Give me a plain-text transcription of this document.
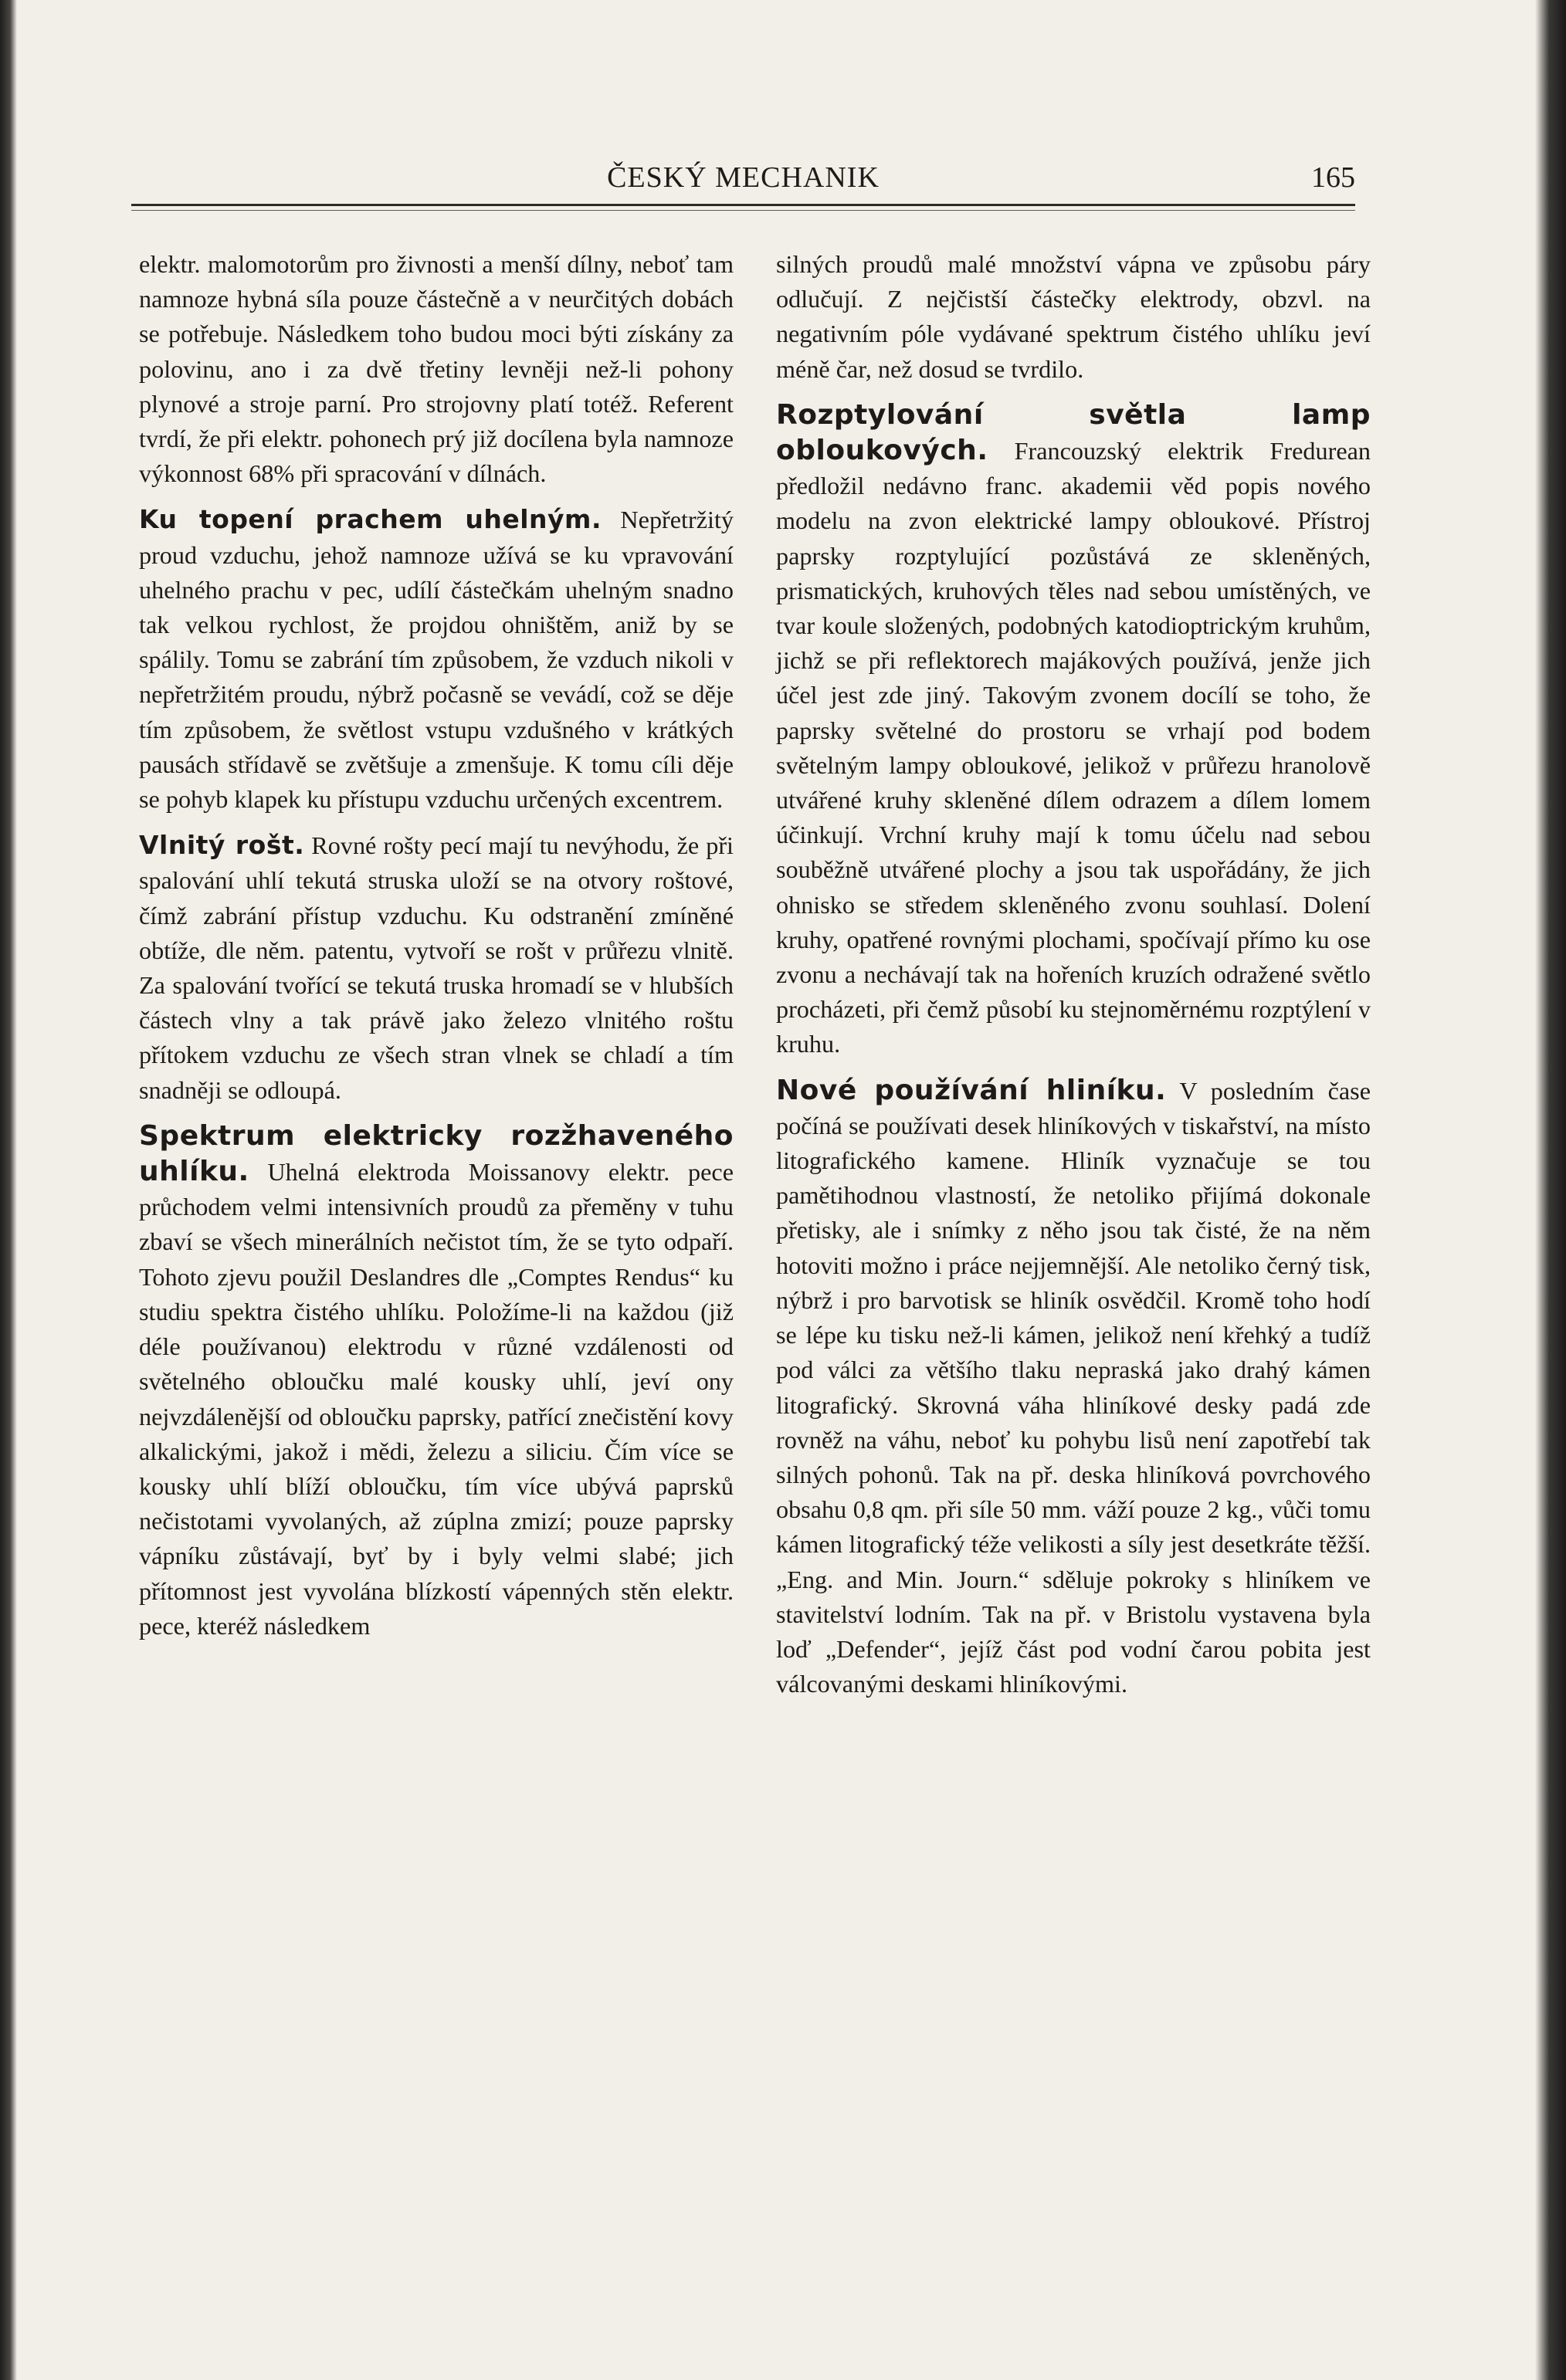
ČESKÝ MECHANIK	165

elektr. malomotorům pro živnosti a menší dílny, neboť tam namnoze hybná síla pouze částečně a v neurčitých dobách se potřebuje. Následkem toho budou moci býti získány za polovinu, ano i za dvě třetiny levněji než-li pohony plynové a stroje parní. Pro strojovny platí totéž. Referent tvrdí, že při elektr. pohonech prý již docílena byla namnoze výkonnost 68% při spracování v dílnách.

Ku topení prachem uhelným. Nepřetržitý proud vzduchu, jehož namnoze užívá se ku vpravování uhelného prachu v pec, udílí částečkám uhelným snadno tak velkou rychlost, že projdou ohništěm, aniž by se spálily. Tomu se zabrání tím způsobem, že vzduch nikoli v nepřetržitém proudu, nýbrž počasně se vevádí, což se děje tím způsobem, že světlost vstupu vzdušného v krátkých pausách střídavě se zvětšuje a zmenšuje. K tomu cíli děje se pohyb klapek ku přístupu vzduchu určených excentrem.

Vlnitý rošt. Rovné rošty pecí mají tu nevýhodu, že při spalování uhlí tekutá struska uloží se na otvory roštové, čímž zabrání přístup vzduchu. Ku odstranění zmíněné obtíže, dle něm. patentu, vytvoří se rošt v průřezu vlnitě. Za spalování tvořící se tekutá truska hromadí se v hlubších částech vlny a tak právě jako železo vlnitého roštu přítokem vzduchu ze všech stran vlnek se chladí a tím snadněji se odloupá.

Spektrum elektricky rozžhaveného uhlíku. Uhelná elektroda Moissanovy elektr. pece průchodem velmi intensivních proudů za přeměny v tuhu zbaví se všech minerálních nečistot tím, že se tyto odpaří. Tohoto zjevu použil Deslandres dle „Comptes Rendus“ ku studiu spektra čistého uhlíku. Položíme-li na každou (již déle používanou) elektrodu v různé vzdálenosti od světelného obloučku malé kousky uhlí, jeví ony nejvzdálenější od obloučku paprsky, patřící znečistění kovy alkalickými, jakož i mědi, železu a siliciu. Čím více se kousky uhlí blíží obloučku, tím více ubývá paprsků nečistotami vyvolaných, až zúplna zmizí; pouze paprsky vápníku zůstávají, byť by i byly velmi slabé; jich přítomnost jest vyvolána blízkostí vápenných stěn elektr. pece, kteréž následkem

silných proudů malé množství vápna ve způsobu páry odlučují. Z nejčistší částečky elektrody, obzvl. na negativním póle vydávané spektrum čistého uhlíku jeví méně čar, než dosud se tvrdilo.

Rozptylování světla lamp obloukových. Francouzský elektrik Fredurean předložil nedávno franc. akademii věd popis nového modelu na zvon elektrické lampy obloukové. Přístroj paprsky rozptylující pozůstává ze skleněných, prismatických, kruhových těles nad sebou umístěných, ve tvar koule složených, podobných katodioptrickým kruhům, jichž se při reflektorech majákových používá, jenže jich účel jest zde jiný. Takovým zvonem docílí se toho, že paprsky světelné do prostoru se vrhají pod bodem světelným lampy obloukové, jelikož v průřezu hranolově utvářené kruhy skleněné dílem odrazem a dílem lomem účinkují. Vrchní kruhy mají k tomu účelu nad sebou souběžně utvářené plochy a jsou tak uspořádány, že jich ohnisko se středem skleněného zvonu souhlasí. Dolení kruhy, opatřené rovnými plochami, spočívají přímo ku ose zvonu a nechávají tak na hořeních kruzích odražené světlo procházeti, při čemž působí ku stejnoměrnému rozptýlení v kruhu.

Nové používání hliníku. V posledním čase počíná se používati desek hliníkových v tiskařství, na místo litografického kamene. Hliník vyznačuje se tou pamětihodnou vlastností, že netoliko přijímá dokonale přetisky, ale i snímky z něho jsou tak čisté, že na něm hotoviti možno i práce nejjemnější. Ale netoliko černý tisk, nýbrž i pro barvotisk se hliník osvědčil. Kromě toho hodí se lépe ku tisku než-li kámen, jelikož není křehký a tudíž pod válci za většího tlaku nepraská jako drahý kámen litografický. Skrovná váha hliníkové desky padá zde rovněž na váhu, neboť ku pohybu lisů není zapotřebí tak silných pohonů. Tak na př. deska hliníková povrchového obsahu 0,8 qm. při síle 50 mm. váží pouze 2 kg., vůči tomu kámen litografický téže velikosti a síly jest desetkráte těžší. „Eng. and Min. Journ.“ sděluje pokroky s hliníkem ve stavitelství lodním. Tak na př. v Bristolu vystavena byla loď „Defender“, jejíž část pod vodní čarou pobita jest válcovanými deskami hliníkovými.
